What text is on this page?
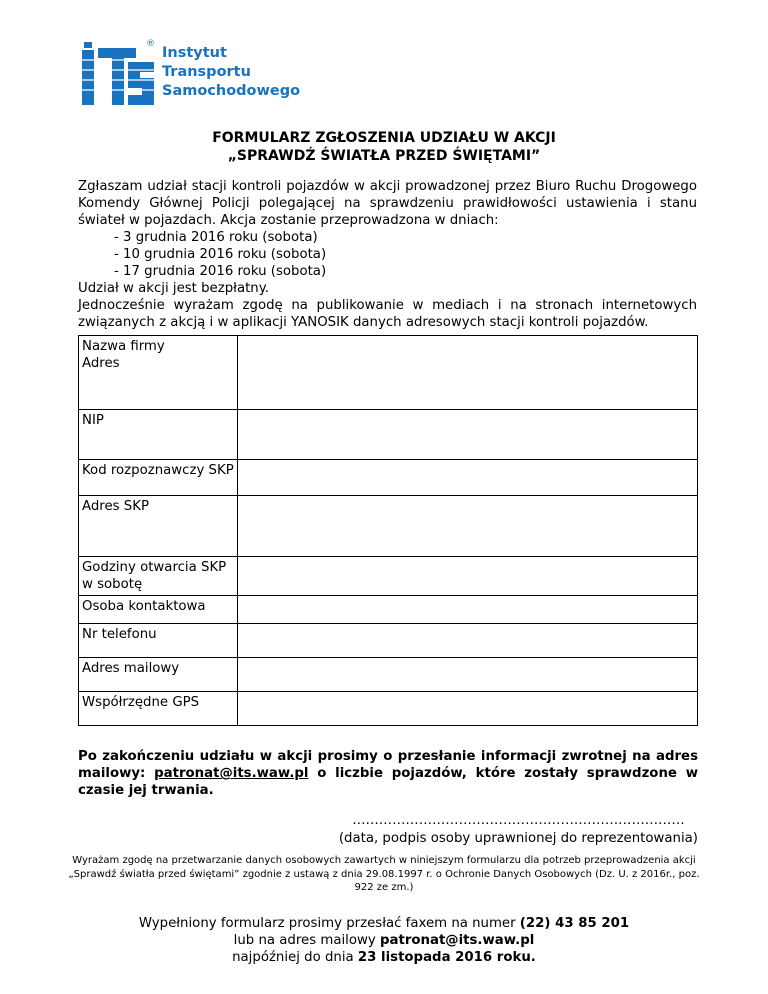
®
Instytut
Transportu
Samochodowego
FORMULARZ ZGŁOSZENIA UDZIAŁU W AKCJI
„SPRAWDŹ ŚWIATŁA PRZED ŚWIĘTAMI”

Zgłaszam udział stacji kontroli pojazdów w akcji prowadzonej przez Biuro Ruchu Drogowego Komendy Głównej Policji polegającej na sprawdzeniu prawidłowości ustawienia i stanu świateł w pojazdach. Akcja zostanie przeprowadzona w dniach:

- 3 grudnia 2016 roku (sobota)

- 10 grudnia 2016 roku (sobota)

- 17 grudnia 2016 roku (sobota)

Udział w akcji jest bezpłatny.

Jednocześnie wyrażam zgodę na publikowanie w mediach i na stronach internetowych związanych z akcją i w aplikacji YANOSIK danych adresowych stacji kontroli pojazdów.

Nazwa firmy
Adres	

NIP	
Kod rozpoznawczy SKP	
Adres SKP	

Godziny otwarcia SKP
w sobotę	

Osoba kontaktowa	
Nr telefonu	
Adres mailowy	
Współrzędne GPS	
Po zakończeniu udziału w akcji prosimy o przesłanie informacji zwrotnej na adres mailowy: patronat@its.waw.pl o liczbie pojazdów, które zostały sprawdzone w czasie jej trwania.
…………………………………………………………………
(data, podpis osoby uprawnionej do reprezentowania)
Wyrażam zgodę na przetwarzanie danych osobowych zawartych w niniejszym formularzu dla potrzeb przeprowadzenia akcji „Sprawdź światła przed świętami” zgodnie z ustawą z dnia 29.08.1997 r. o Ochronie Danych Osobowych (Dz. U. z 2016r., poz. 922 ze zm.)
Wypełniony formularz prosimy przesłać faxem na numer (22) 43 85 201
lub na adres mailowy patronat@its.waw.pl
najpóźniej do dnia 23 listopada 2016 roku.
